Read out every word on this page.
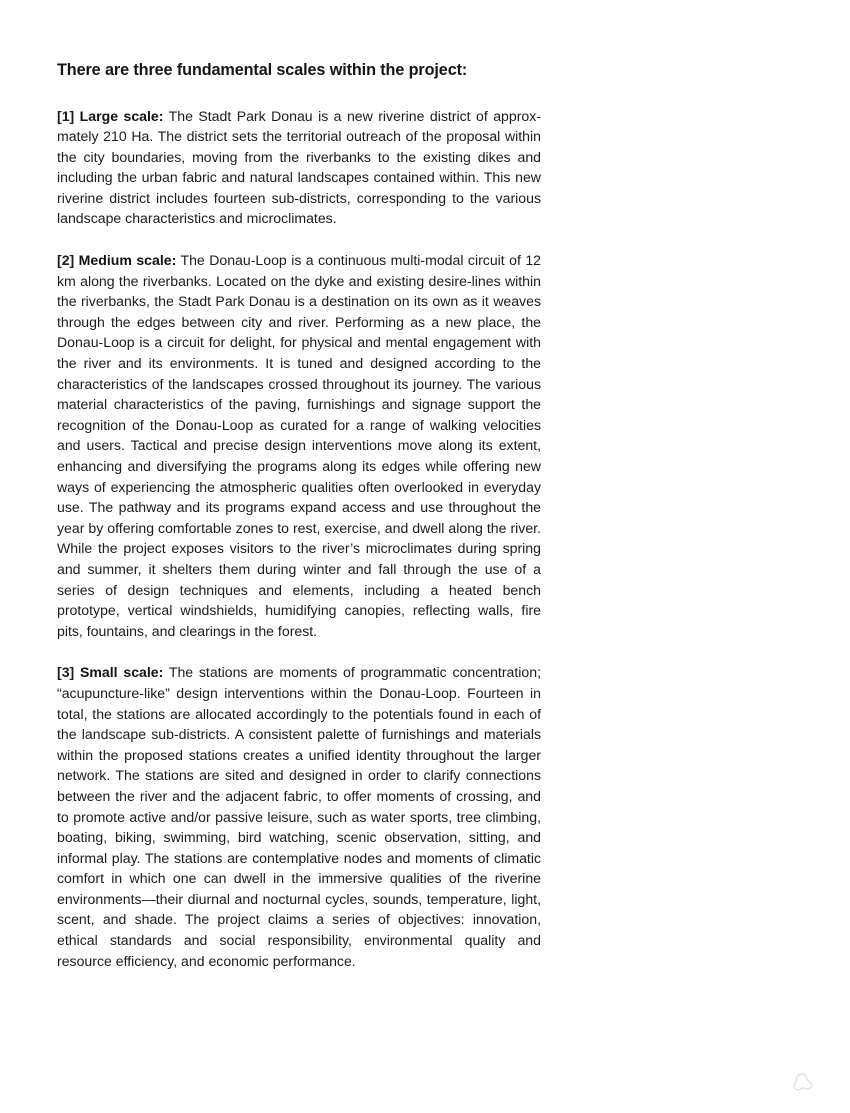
There are three fundamental scales within the project:

[1] Large scale: The Stadt Park Donau is a new riverine district of approxmately 210 Ha. The district sets the territorial outreach of the proposal within the city boundaries, moving from the riverbanks to the existing dikes and including the urban fabric and natural landscapes contained within. This new riverine district includes fourteen sub-districts, corresponding to the various landscape characteristics and microclimates.

[2] Medium scale: The Donau-Loop is a continuous multi-modal circuit of 12 km along the riverbanks. Located on the dyke and existing desire-lines within the riverbanks, the Stadt Park Donau is a destination on its own as it weaves through the edges between city and river. Performing as a new place, the Donau-Loop is a circuit for delight, for physical and mental engagement with the river and its environments. It is tuned and designed according to the characteristics of the landscapes crossed throughout its journey. The various material characteristics of the paving, furnishings and signage support the recognition of the Donau-Loop as curated for a range of walking velocities and users. Tactical and precise design interventions move along its extent, enhancing and diversifying the programs along its edges while offering new ways of experiencing the atmospheric qualities often overlooked in everyday use. The pathway and its programs expand access and use throughout the year by offering comfortable zones to rest, exercise, and dwell along the river. While the project exposes visitors to the river’s microclimates during spring and summer, it shelters them during winter and fall through the use of a series of design techniques and elements, including a heated bench prototype, vertical windshields, humidifying canopies, reflecting walls, fire pits, fountains, and clearings in the forest.

[3] Small scale: The stations are moments of programmatic concentration; “acupuncture-like” design interventions within the Donau-Loop. Fourteen in total, the stations are allocated accordingly to the potentials found in each of the landscape sub-districts. A consistent palette of furnishings and materials within the proposed stations creates a unified identity throughout the larger network. The stations are sited and designed in order to clarify connections between the river and the adjacent fabric, to offer moments of crossing, and to promote active and/or passive leisure, such as water sports, tree climbing, boating, biking, swimming, bird watching, scenic observation, sitting, and informal play. The stations are contemplative nodes and moments of climatic comfort in which one can dwell in the immersive qualities of the riverine environments—their diurnal and nocturnal cycles, sounds, temperature, light, scent, and shade. The project claims a series of objectives: innovation, ethical standards and social responsibility, environmental quality and resource efficiency, and economic performance.
